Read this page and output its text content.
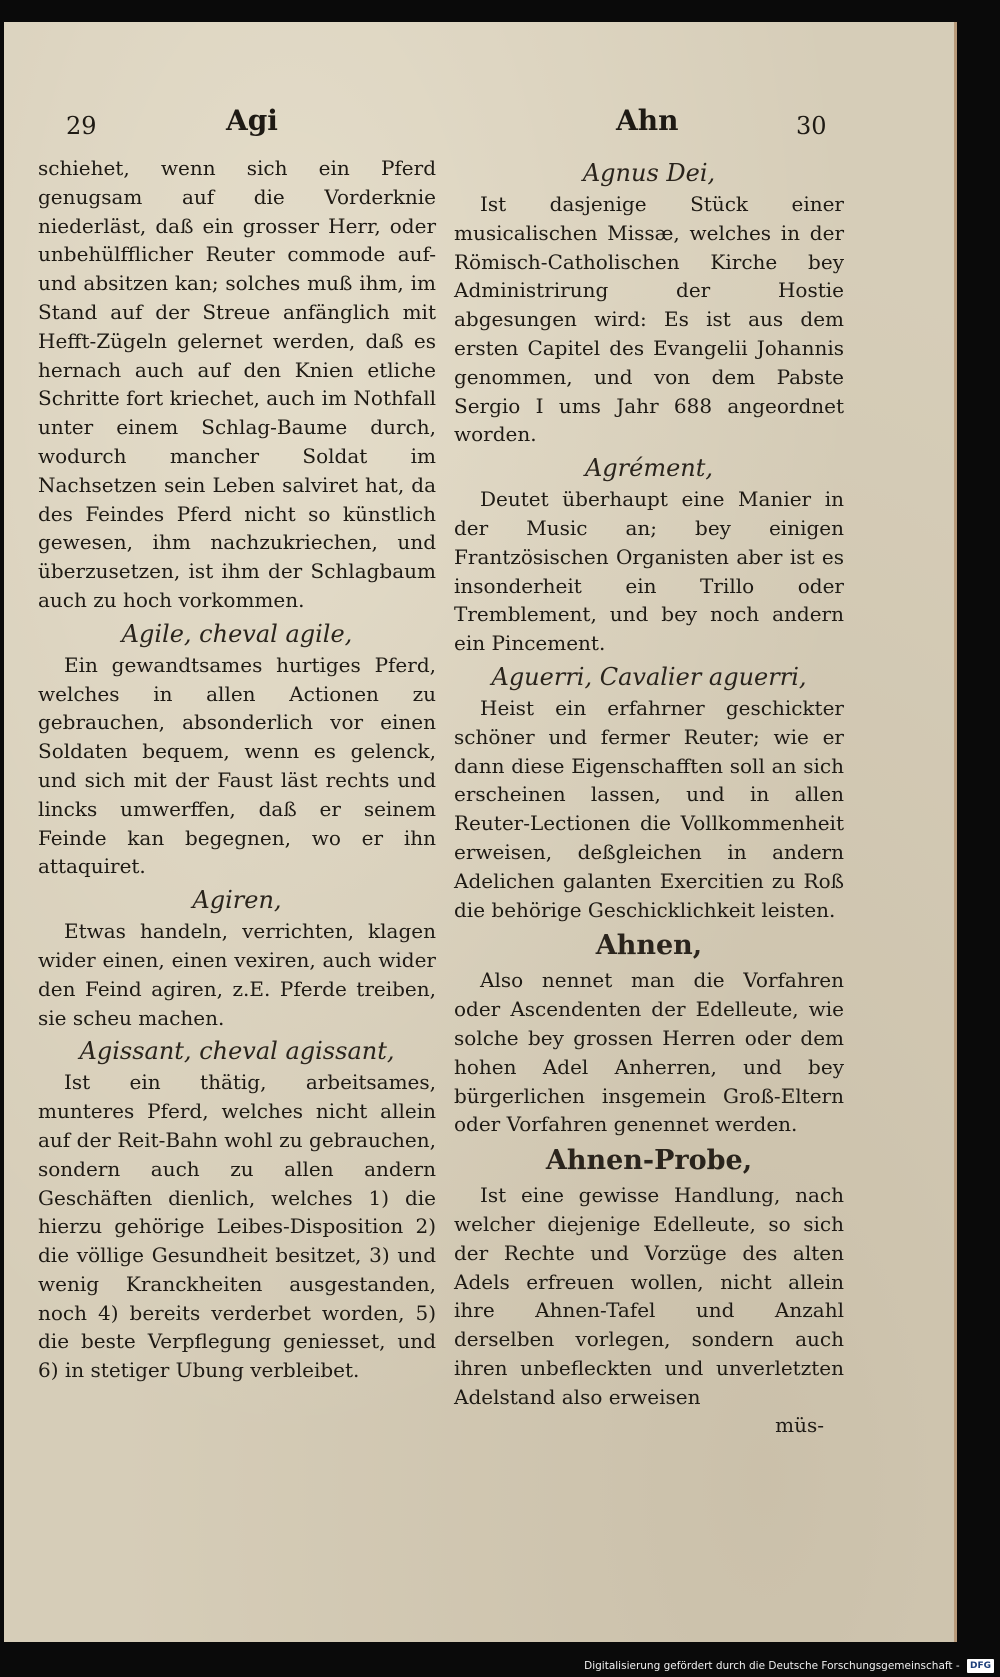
29	Agi	Ahn	30

schiehet, wenn sich ein Pferd genugsam auf die Vorderknie niederläst, daß ein grosser Herr, oder unbehülfflicher Reuter commode auf- und absitzen kan; solches muß ihm, im Stand auf der Streue anfänglich mit Hefft-Zügeln gelernet werden, daß es hernach auch auf den Knien etliche Schritte fort kriechet, auch im Nothfall unter einem Schlag-Baume durch, wodurch mancher Soldat im Nachsetzen sein Leben salviret hat, da des Feindes Pferd nicht so künstlich gewesen, ihm nachzukriechen, und überzusetzen, ist ihm der Schlagbaum auch zu hoch vorkommen.

Agile, cheval agile,

Ein gewandtsames hurtiges Pferd, welches in allen Actionen zu gebrauchen, absonderlich vor einen Soldaten bequem, wenn es gelenck, und sich mit der Faust läst rechts und lincks umwerffen, daß er seinem Feinde kan begegnen, wo er ihn attaquiret.

Agiren,

Etwas handeln, verrichten, klagen wider einen, einen vexiren, auch wider den Feind agiren, z.E. Pferde treiben, sie scheu machen.

Agissant, cheval agissant,

Ist ein thätig, arbeitsames, munteres Pferd, welches nicht allein auf der Reit-Bahn wohl zu gebrauchen, sondern auch zu allen andern Geschäften dienlich, welches 1) die hierzu gehörige Leibes-Disposition 2) die völlige Gesundheit besitzet, 3) und wenig Kranckheiten ausgestanden, noch 4) bereits verderbet worden, 5) die beste Verpflegung geniesset, und 6) in stetiger Ubung verbleibet.

Agnus Dei,

Ist dasjenige Stück einer musicalischen Missæ, welches in der Römisch-Catholischen Kirche bey Administrirung der Hostie abgesungen wird: Es ist aus dem ersten Capitel des Evangelii Johannis genommen, und von dem Pabste Sergio I ums Jahr 688 angeordnet worden.

Agrément,

Deutet überhaupt eine Manier in der Music an; bey einigen Frantzösischen Organisten aber ist es insonderheit ein Trillo oder Tremblement, und bey noch andern ein Pincement.

Aguerri, Cavalier aguerri,

Heist ein erfahrner geschickter schöner und fermer Reuter; wie er dann diese Eigenschafften soll an sich erscheinen lassen, und in allen Reuter-Lectionen die Vollkommenheit erweisen, deßgleichen in andern Adelichen galanten Exercitien zu Roß die behörige Geschicklichkeit leisten.

Ahnen,

Also nennet man die Vorfahren oder Ascendenten der Edelleute, wie solche bey grossen Herren oder dem hohen Adel Anherren, und bey bürgerlichen insgemein Groß-Eltern oder Vorfahren genennet werden.

Ahnen-Probe,

Ist eine gewisse Handlung, nach welcher diejenige Edelleute, so sich der Rechte und Vorzüge des alten Adels erfreuen wollen, nicht allein ihre Ahnen-Tafel und Anzahl derselben vorlegen, sondern auch ihren unbefleckten und unverletzten Adelstand also erweisen

müs-

Digitalisierung gefördert durch die Deutsche Forschungsgemeinschaft - DFG
